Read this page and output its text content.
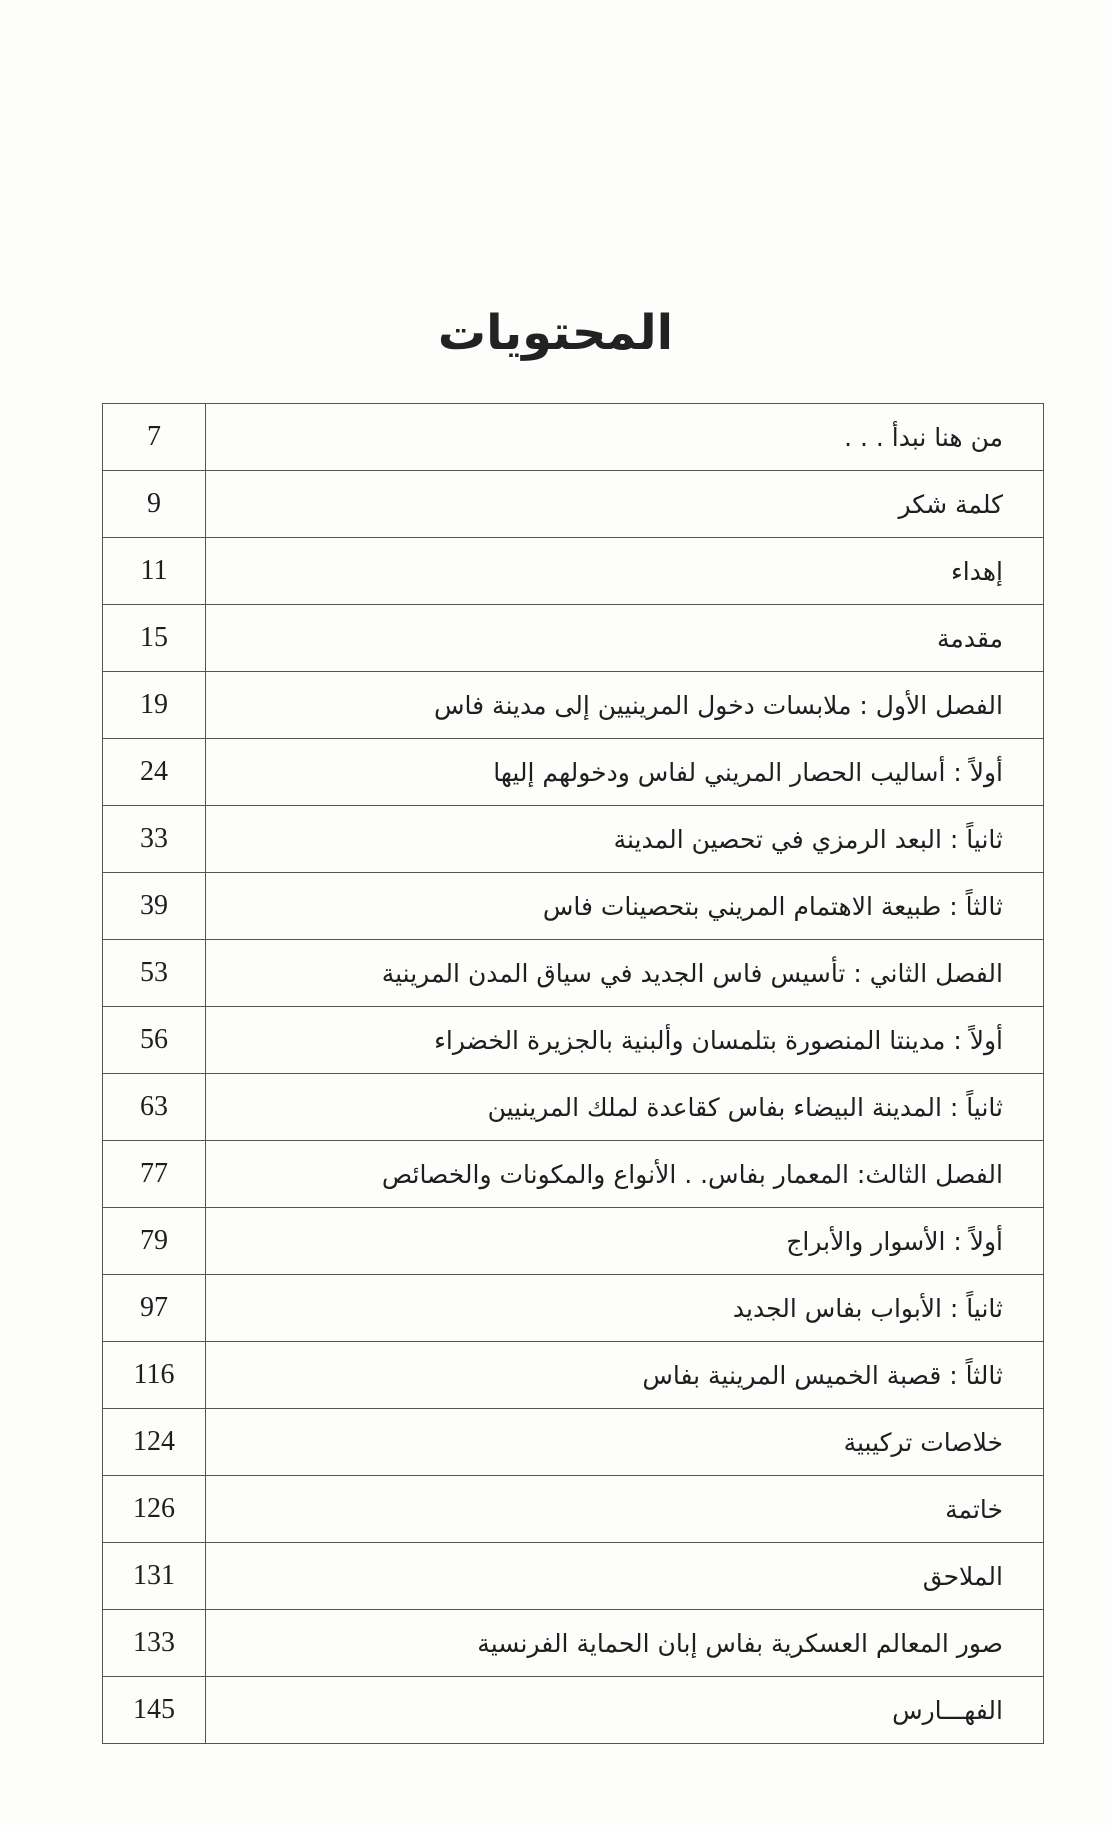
المحتويات
7	من هنا نبدأ . . .
9	كلمة شكر
11	إهداء
15	مقدمة
19	الفصل الأول : ملابسات دخول المرينيين إلى مدينة فاس
24	أولاً : أساليب الحصار المريني لفاس ودخولهم إليها
33	ثانياً : البعد الرمزي في تحصين المدينة
39	ثالثاً : طبيعة الاهتمام المريني بتحصينات فاس
53	الفصل الثاني : تأسيس فاس الجديد في سياق المدن المرينية
56	أولاً : مدينتا المنصورة بتلمسان وألبنية بالجزيرة الخضراء
63	ثانياً : المدينة البيضاء بفاس كقاعدة لملك المرينيين
77	الفصل الثالث: المعمار بفاس. . الأنواع والمكونات والخصائص
79	أولاً : الأسوار والأبراج
97	ثانياً : الأبواب بفاس الجديد
116	ثالثاً : قصبة الخميس المرينية بفاس
124	خلاصات تركيبية
126	خاتمة
131	الملاحق
133	صور المعالم العسكرية بفاس إبان الحماية الفرنسية
145	الفهـــارس
